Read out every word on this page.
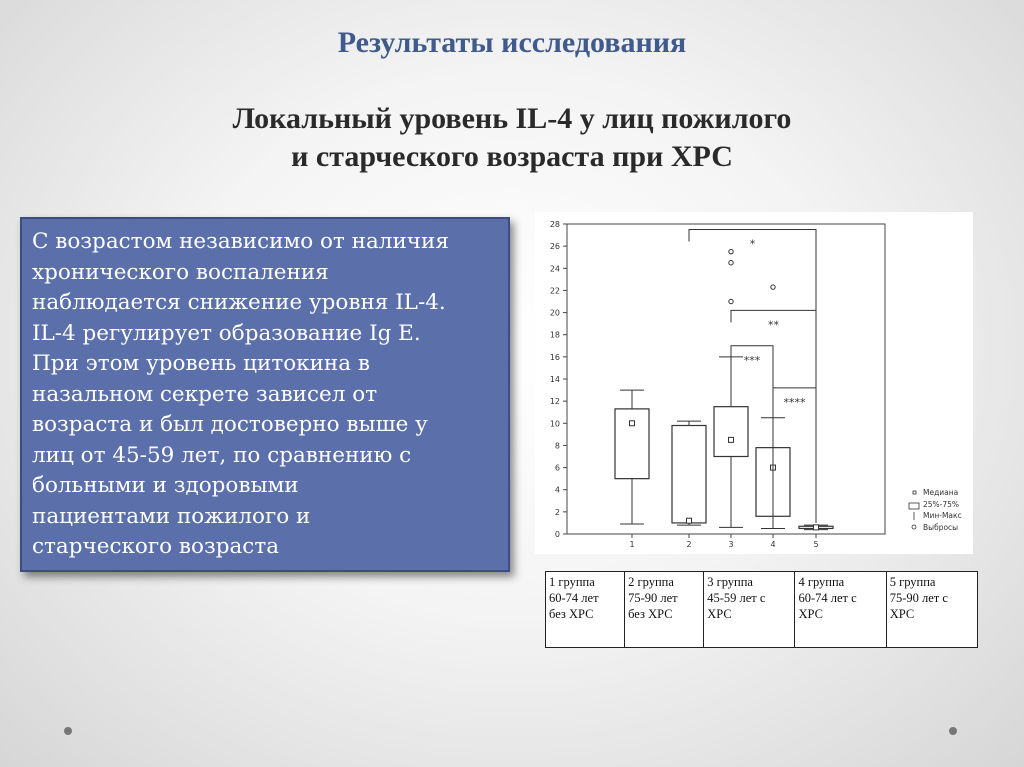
Результаты исследования
Локальный уровень IL-4 у лиц пожилого
и старческого возраста при ХРС
С возрастом независимо от наличия
хронического воспаления
наблюдается снижение уровня IL-4.
IL-4 регулирует образование Ig E.
При этом уровень цитокина в
назальном секрете зависел от
возраста и был достоверно выше у
лиц от 45-59 лет, по сравнению с
больными и здоровыми
пациентами пожилого и
старческого возраста	0
2
4
6
8
10
12
14
16
18
20
22
24
26
28
1	2	3	4	5
*
**
***
****
Медиана
25%-75%
Мин-Макс
Выбросы
1 группа
60-74 лет
без ХРС

2 группа
75-90 лет
без ХРС

3 группа
45-59 лет с
ХРС

4 группа
60-74 лет с
ХРС

5 группа
75-90 лет с
ХРС
